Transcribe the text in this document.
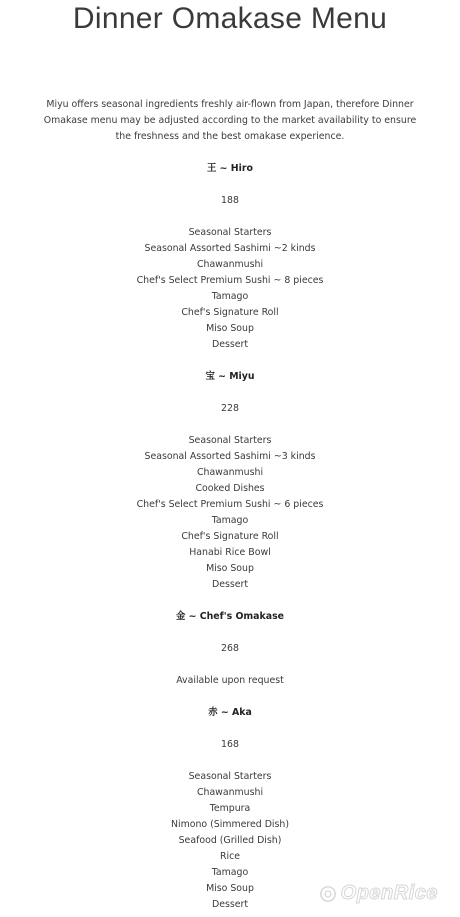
Dinner Omakase Menu
Miyu offers seasonal ingredients freshly air-flown from Japan, therefore Dinner Omakase menu may be adjusted according to the market availability to ensure the freshness and the best omakase experience.
王 ~ Hiro
188
Seasonal Starters
Seasonal Assorted Sashimi ~2 kinds
Chawanmushi
Chef's Select Premium Sushi ~ 8 pieces
Tamago
Chef's Signature Roll
Miso Soup
Dessert
宝 ~ Miyu
228
Seasonal Starters
Seasonal Assorted Sashimi ~3 kinds
Chawanmushi
Cooked Dishes
Chef's Select Premium Sushi ~ 6 pieces
Tamago
Chef's Signature Roll
Hanabi Rice Bowl
Miso Soup
Dessert
金 ~ Chef's Omakase
268
Available upon request
赤 ~ Aka
168
Seasonal Starters
Chawanmushi
Tempura
Nimono (Simmered Dish)
Seafood (Grilled Dish)
Rice
Tamago
Miso Soup
Dessert
OpenRice
